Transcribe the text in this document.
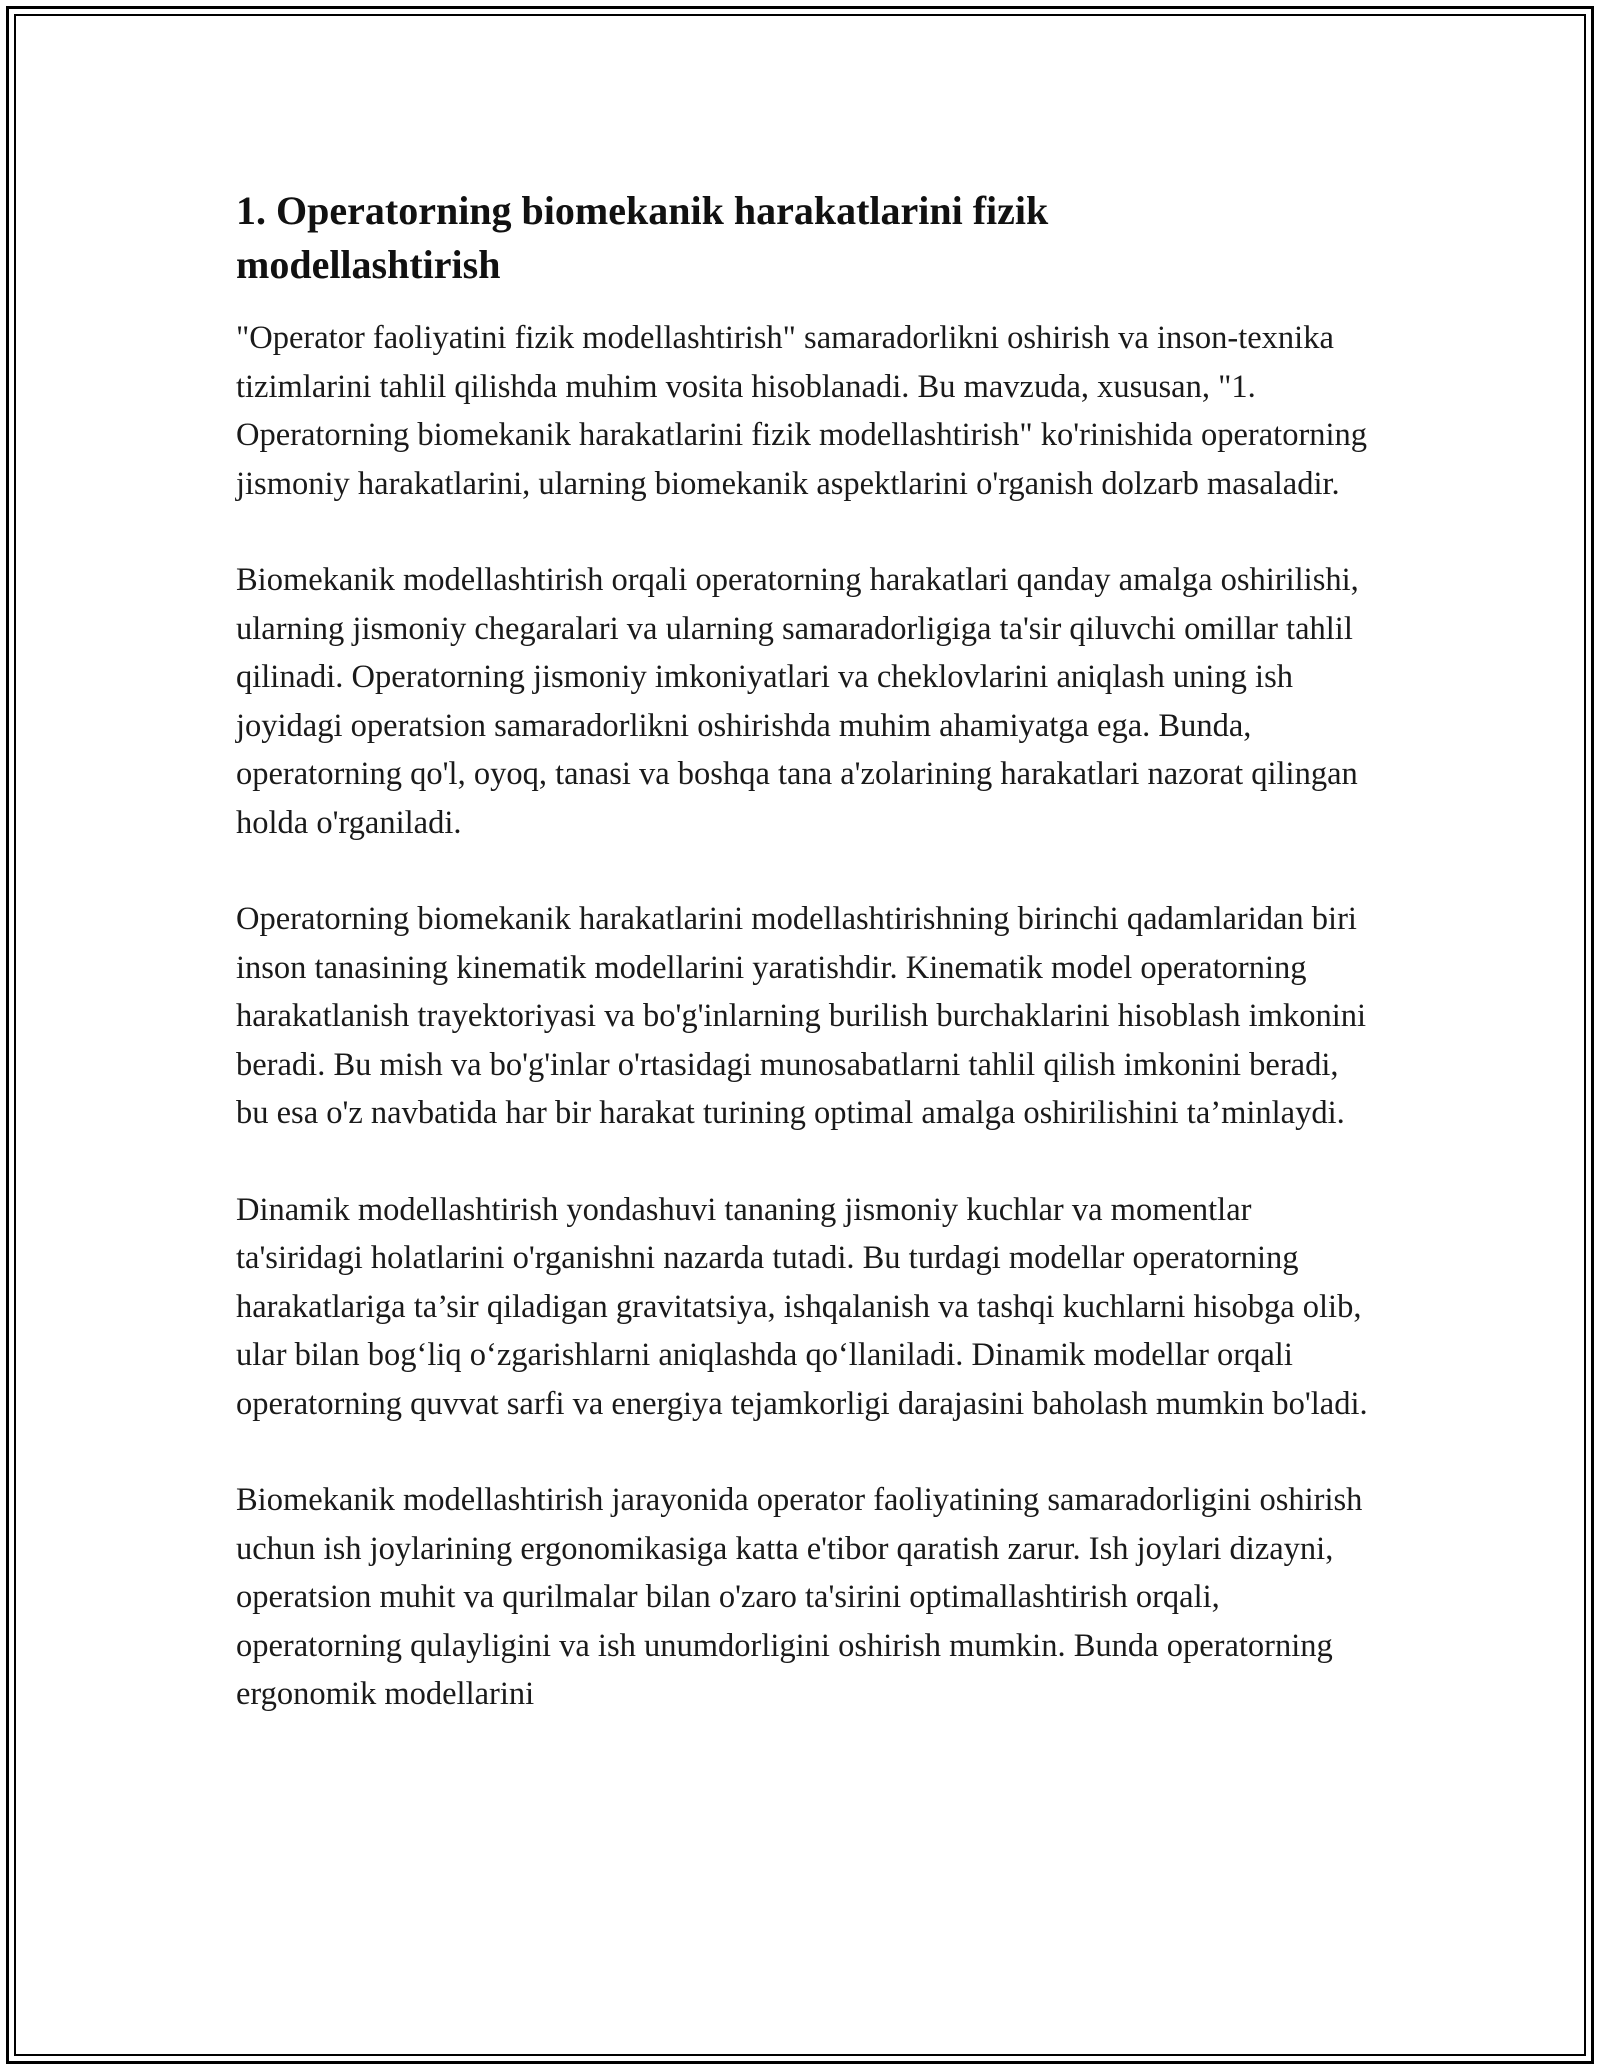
1. Operatorning biomekanik harakatlarini fizik
modellashtirish

"Operator faoliyatini fizik modellashtirish" samaradorlikni oshirish va inson-texnika tizimlarini tahlil qilishda muhim vosita hisoblanadi. Bu mavzuda, xususan, "1. Operatorning biomekanik harakatlarini fizik modellashtirish" ko'rinishida operatorning jismoniy harakatlarini, ularning biomekanik aspektlarini o'rganish dolzarb masaladir.

Biomekanik modellashtirish orqali operatorning harakatlari qanday amalga oshirilishi, ularning jismoniy chegaralari va ularning samaradorligiga ta'sir qiluvchi omillar tahlil qilinadi. Operatorning jismoniy imkoniyatlari va cheklovlarini aniqlash uning ish joyidagi operatsion samaradorlikni oshirishda muhim ahamiyatga ega. Bunda, operatorning qo'l, oyoq, tanasi va boshqa tana a'zolarining harakatlari nazorat qilingan holda o'rganiladi.

Operatorning biomekanik harakatlarini modellashtirishning birinchi qadamlaridan biri inson tanasining kinematik modellarini yaratishdir. Kinematik model operatorning harakatlanish trayektoriyasi va bo'g'inlarning burilish burchaklarini hisoblash imkonini beradi. Bu mish va bo'g'inlar o'rtasidagi munosabatlarni tahlil qilish imkonini beradi, bu esa o'z navbatida har bir harakat turining optimal amalga oshirilishini ta’minlaydi.

Dinamik modellashtirish yondashuvi tananing jismoniy kuchlar va momentlar ta'siridagi holatlarini o'rganishni nazarda tutadi. Bu turdagi modellar operatorning harakatlariga ta’sir qiladigan gravitatsiya, ishqalanish va tashqi kuchlarni hisobga olib, ular bilan bog‘liq o‘zgarishlarni aniqlashda qo‘llaniladi. Dinamik modellar orqali operatorning quvvat sarfi va energiya tejamkorligi darajasini baholash mumkin bo'ladi.

Biomekanik modellashtirish jarayonida operator faoliyatining samaradorligini oshirish uchun ish joylarining ergonomikasiga katta e'tibor qaratish zarur. Ish joylari dizayni, operatsion muhit va qurilmalar bilan o'zaro ta'sirini optimallashtirish orqali, operatorning qulayligini va ish unumdorligini oshirish mumkin. Bunda operatorning ergonomik modellarini
